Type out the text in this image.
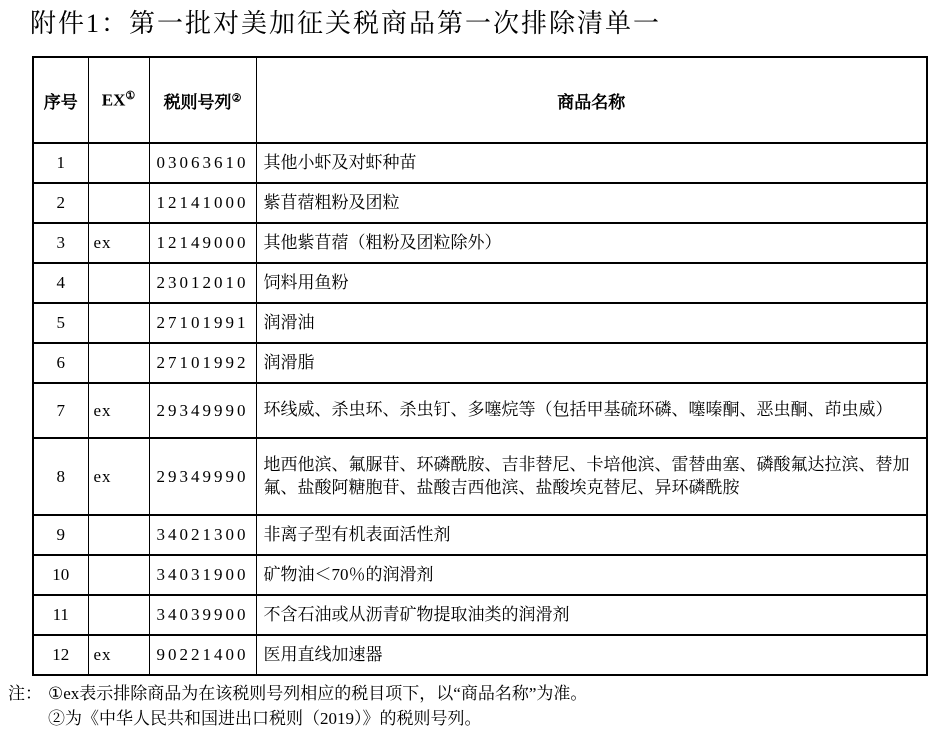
附件1：第一批对美加征关税商品第一次排除清单一
序号	EX①	税则号列②	商品名称
1		03063610	其他小虾及对虾种苗
2		12141000	紫苜蓿粗粉及团粒
3	ex	12149000	其他紫苜蓿（粗粉及团粒除外）
4		23012010	饲料用鱼粉
5		27101991	润滑油
6		27101992	润滑脂
7	ex	29349990	环线威、杀虫环、杀虫钉、多噻烷等（包括甲基硫环磷、噻嗪酮、恶虫酮、茚虫威）
8	ex	29349990	地西他滨、氟脲苷、环磷酰胺、吉非替尼、卡培他滨、雷替曲塞、磷酸氟达拉滨、替加氟、盐酸阿糖胞苷、盐酸吉西他滨、盐酸埃克替尼、异环磷酰胺
9		34021300	非离子型有机表面活性剂
10		34031900	矿物油＜70％的润滑剂
11		34039900	不含石油或从沥青矿物提取油类的润滑剂
12	ex	90221400	医用直线加速器
注： ①ex表示排除商品为在该税则号列相应的税目项下，以“商品名称”为准。
②为《中华人民共和国进出口税则（2019）》的税则号列。
